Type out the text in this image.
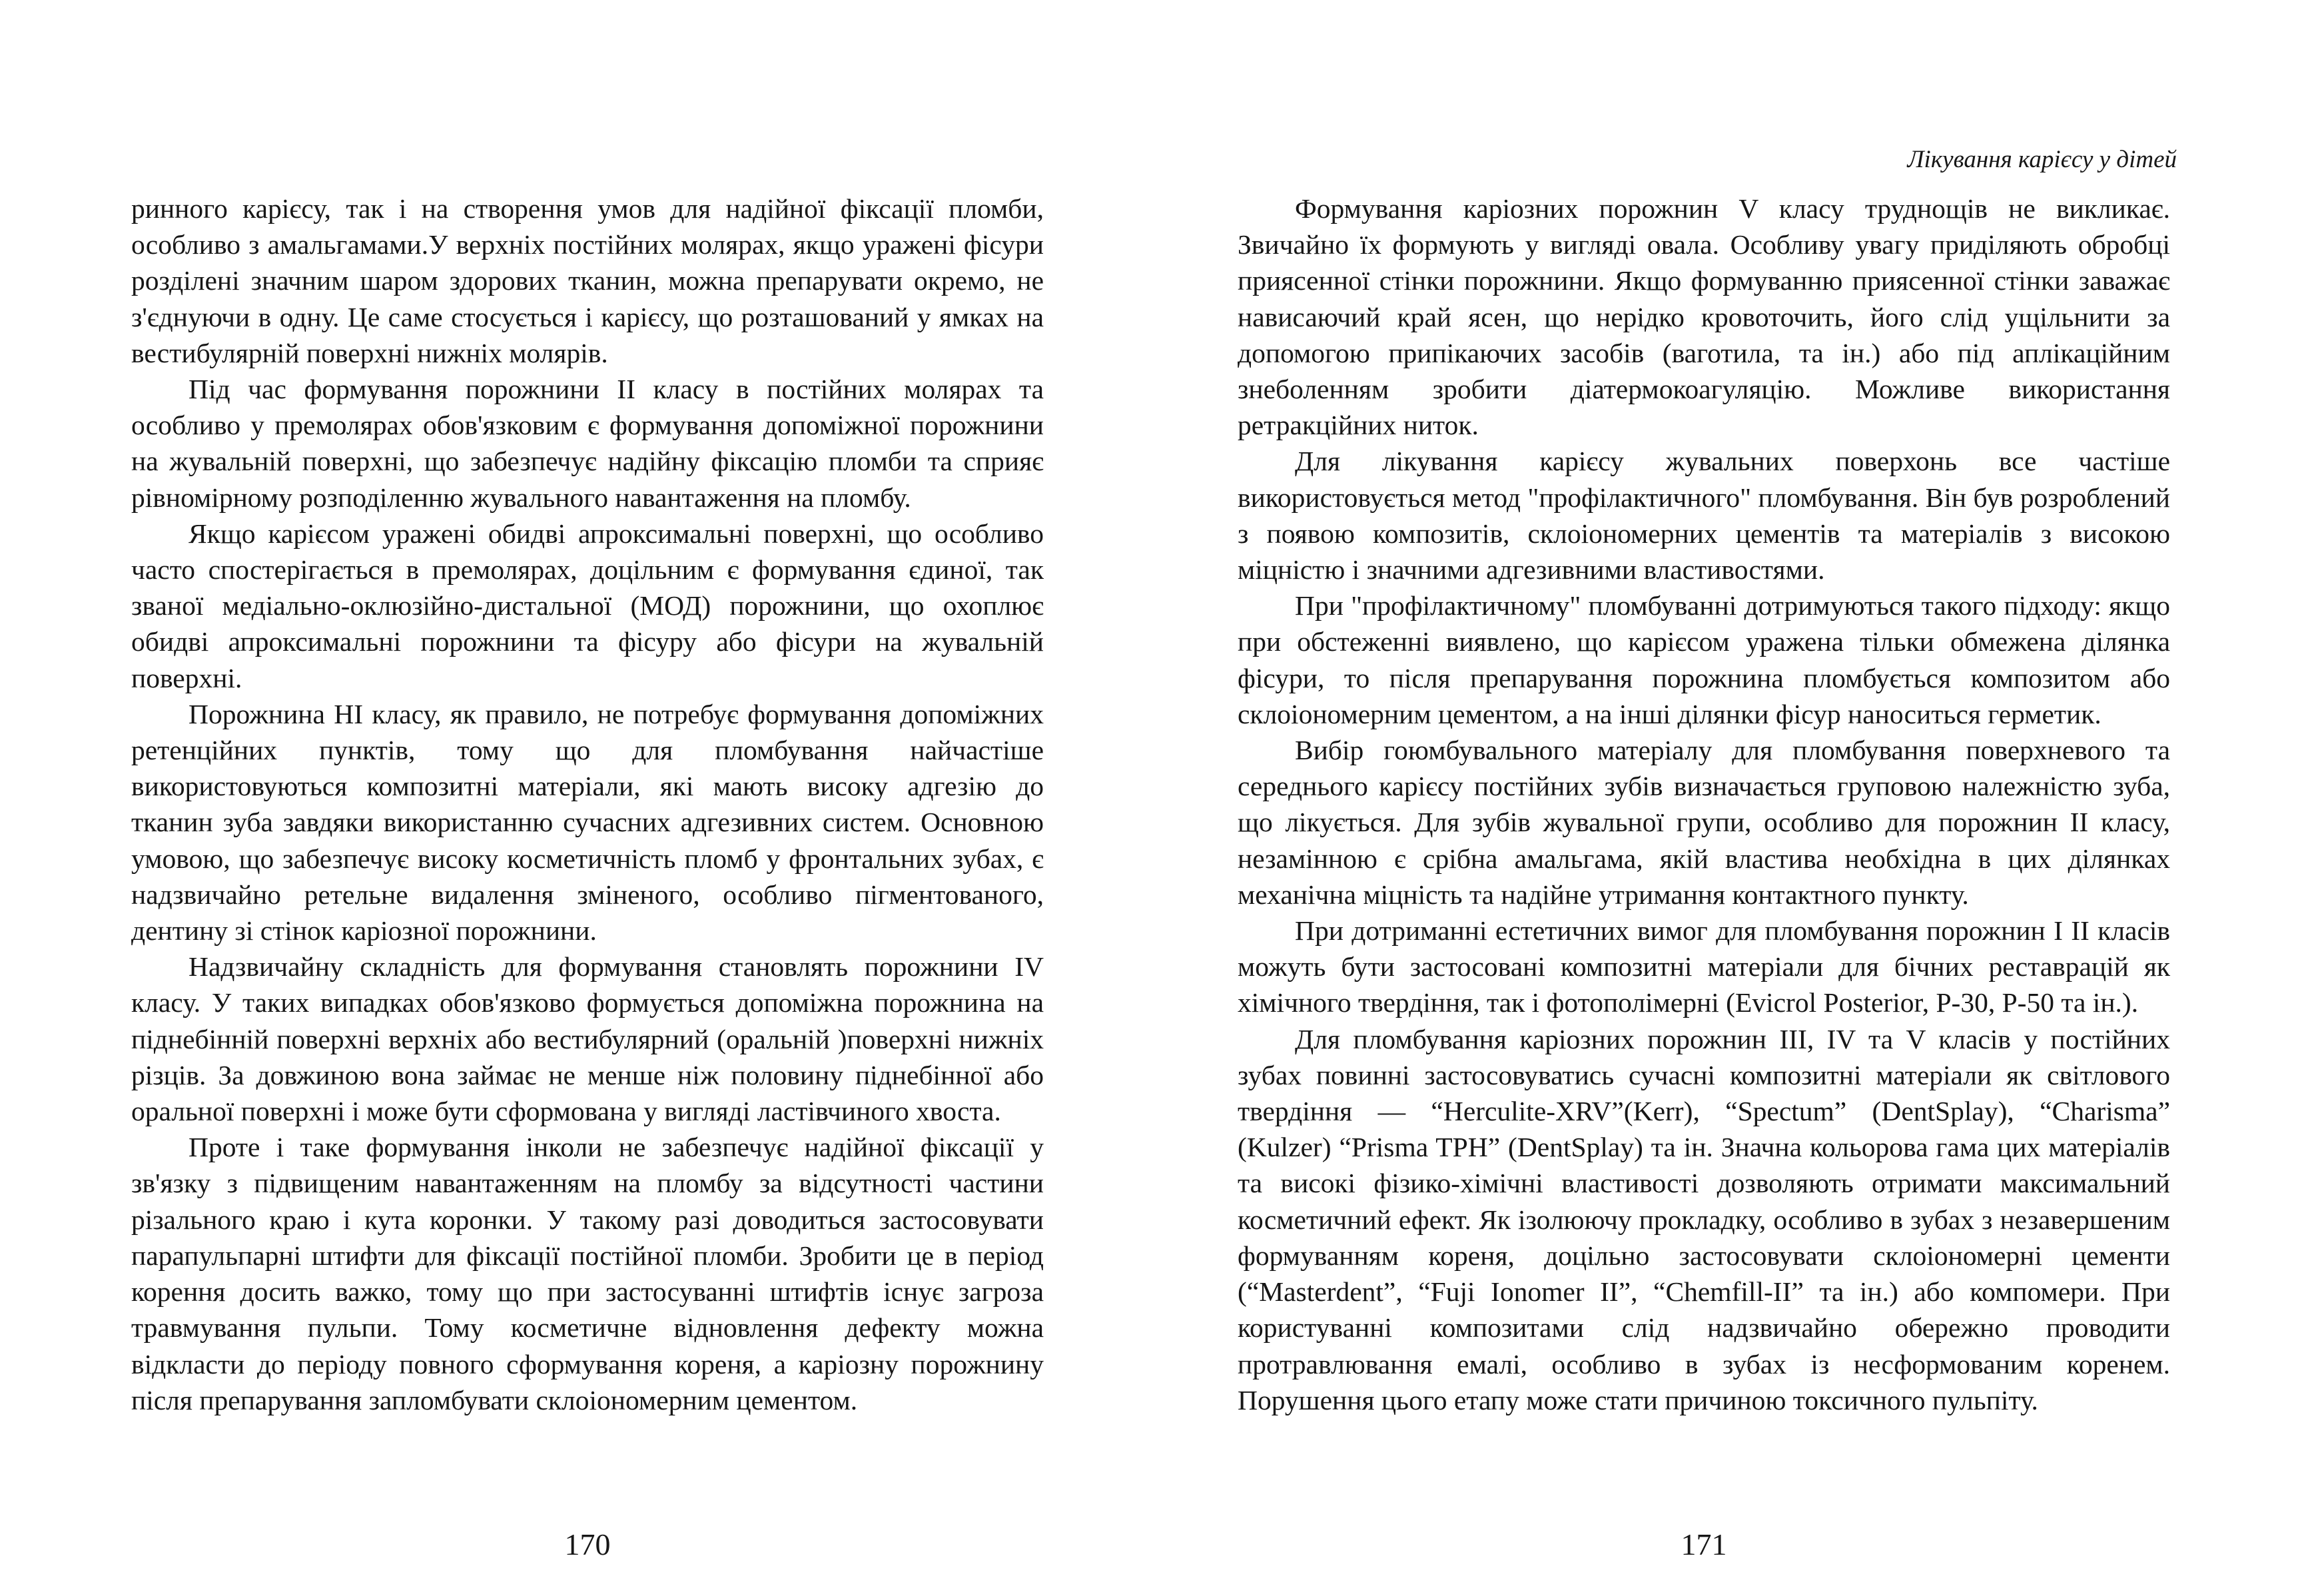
ринного карієсу, так і на створення умов для надійної фіксації пломби, особливо з амальгамами.У верхніх постійних молярах, якщо уражені фісури розділені значним шаром здорових тканин, можна препарувати окремо, не з'єднуючи в одну. Це саме стосується і карієсу, що розташований у ямках на вестибулярній поверхні нижніх молярів.

Під час формування порожнини II класу в постійних молярах та особливо у премолярах обов'язковим є формування допоміжної порожнини на жувальній поверхні, що забезпечує надійну фіксацію пломби та сприяє рівномірному розподіленню жувального навантаження на пломбу.

Якщо карієсом уражені обидві апроксимальні поверхні, що особливо часто спостерігається в премолярах, доцільним є формування єдиної, так званої медіально-оклюзійно-дистальної (МОД) порожнини, що охоплює обидві апроксимальні порожнини та фісуру або фісури на жувальній поверхні.

Порожнина НІ класу, як правило, не потребує формування допоміжних ретенційних пунктів, тому що для пломбування найчастіше використовуються композитні матеріали, які мають високу адгезію до тканин зуба завдяки використанню сучасних адгезивних систем. Основною умовою, що забезпечує високу косметичність пломб у фронтальних зубах, є надзвичайно ретельне видалення зміненого, особливо пігментованого, дентину зі стінок каріозної порожнини.

Надзвичайну складність для формування становлять порожнини IV класу. У таких випадках обов'язково формується допоміжна порожнина на піднебінній поверхні верхніх або вестибулярний (оральній )поверхні нижніх різців. За довжиною вона займає не менше ніж половину піднебінної або оральної поверхні і може бути сформована у вигляді ластівчиного хвоста.

Проте і таке формування інколи не забезпечує надійної фіксації у зв'язку з підвищеним навантаженням на пломбу за відсутності частини різального краю і кута коронки. У такому разі доводиться застосовувати парапульпарні штифти для фіксації постійної пломби. Зробити це в період корення досить важко, тому що при застосуванні штифтів існує загроза травмування пульпи. Тому косметичне відновлення дефекту можна відкласти до періоду повного сформування кореня, а каріозну порожнину після препарування запломбувати склоіономерним цементом.

170
Лікування карієсу у дітей

Формування каріозних порожнин V класу труднощів не викликає. Звичайно їх формують у вигляді овала. Особливу увагу приділяють обробці приясенної стінки порожнини. Якщо формуванню приясенної стінки заважає нависаючий край ясен, що нерідко кровоточить, його слід ущільнити за допомогою припікаючих засобів (ваготила, та ін.) або під аплікаційним знеболенням зробити діатермокоагуляцію. Можливе використання ретракційних ниток.

Для лікування карієсу жувальних поверхонь все частіше використовується метод "профілактичного" пломбування. Він був розроблений з появою композитів, склоіономерних цементів та матеріалів з високою міцністю і значними адгезивними властивостями.

При "профілактичному" пломбуванні дотримуються такого підходу: якщо при обстеженні виявлено, що карієсом уражена тільки обмежена ділянка фісури, то після препарування порожнина пломбується композитом або склоіономерним цементом, а на інші ділянки фісур наноситься герметик.

Вибір гоюмбувального матеріалу для пломбування поверхневого та середнього карієсу постійних зубів визначається груповою належністю зуба, що лікується. Для зубів жувальної групи, особливо для порожнин II класу, незамінною є срібна амальгама, якій властива необхідна в цих ділянках механічна міцність та надійне утримання контактного пункту.

При дотриманні естетичних вимог для пломбування порожнин І II класів можуть бути застосовані композитні матеріали для бічних реставрацій як хімічного твердіння, так і фотополімерні (Evicrol Posterior, P-30, P-50 та ін.).

Для пломбування каріозних порожнин III, IV та V класів у постійних зубах повинні застосовуватись сучасні композитні матеріали як світлового твердіння — “Herculite-XRV”(Kerr), “Spectum” (DentSplay), “Charisma” (Kulzer) “Prisma TPH” (DentSplay) та ін. Значна кольорова гама цих матеріалів та високі фізико-хімічні властивості дозволяють отримати максимальний косметичний ефект. Як ізолюючу прокладку, особливо в зубах з незавершеним формуванням кореня, доцільно застосовувати склоіономерні цементи (“Masterdent”, “Fuji Ionomer II”, “Chemfill-II” та ін.) або компомери. При користуванні композитами слід надзвичайно обережно проводити протравлювання емалі, особливо в зубах із несформованим коренем. Порушення цього етапу може стати причиною токсичного пульпіту.

171
